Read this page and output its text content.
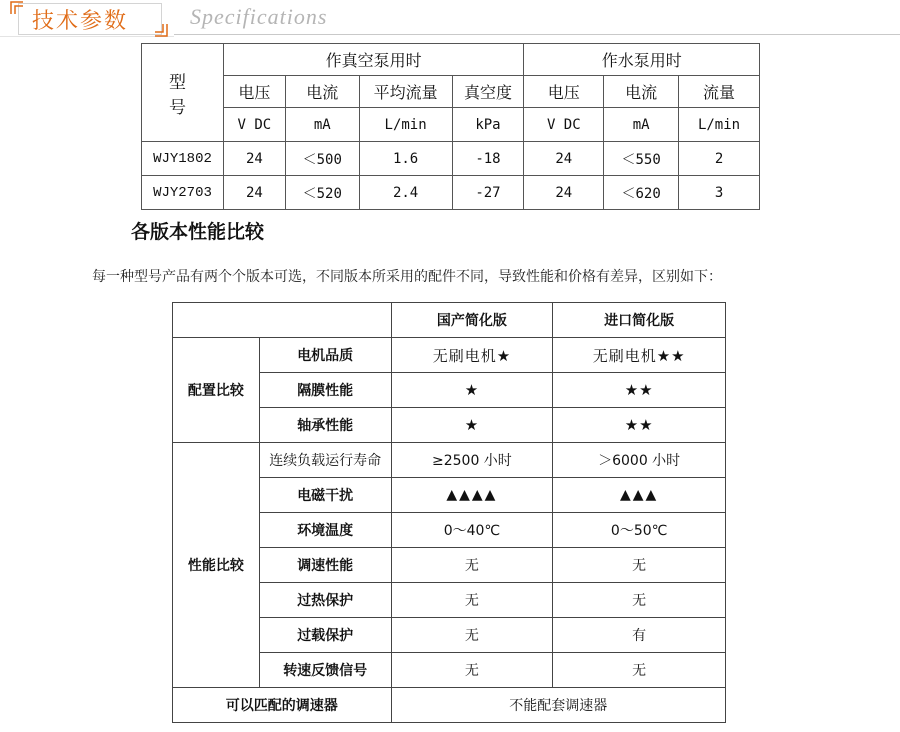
技术参数	Specifications
型 号	作真空泵用时				作水泵用时		
	电压	电流	平均流量	真空度	电压	电流	流量
	V DC	mA	L/min	kPa	V DC	mA	L/min
WJY1802	24	＜500	1.6	-18	24	＜550	2
WJY2703	24	＜520	2.4	-27	24	＜620	3
各版本性能比较
每一种型号产品有两个个版本可选，不同版本所采用的配件不同，导致性能和价格有差异，区别如下：
		国产简化版	进口简化版
配置比较	电机品质	无刷电机★	无刷电机★★
	隔膜性能	★	★★
	轴承性能	★	★★
性能比较	连续负载运行寿命	≥2500 小时	＞6000 小时
	电磁干扰	▲▲▲▲	▲▲▲
	环境温度	0～40℃	0～50℃
	调速性能	无	无
	过热保护	无	无
	过载保护	无	有
	转速反馈信号	无	无
可以匹配的调速器		不能配套调速器	
